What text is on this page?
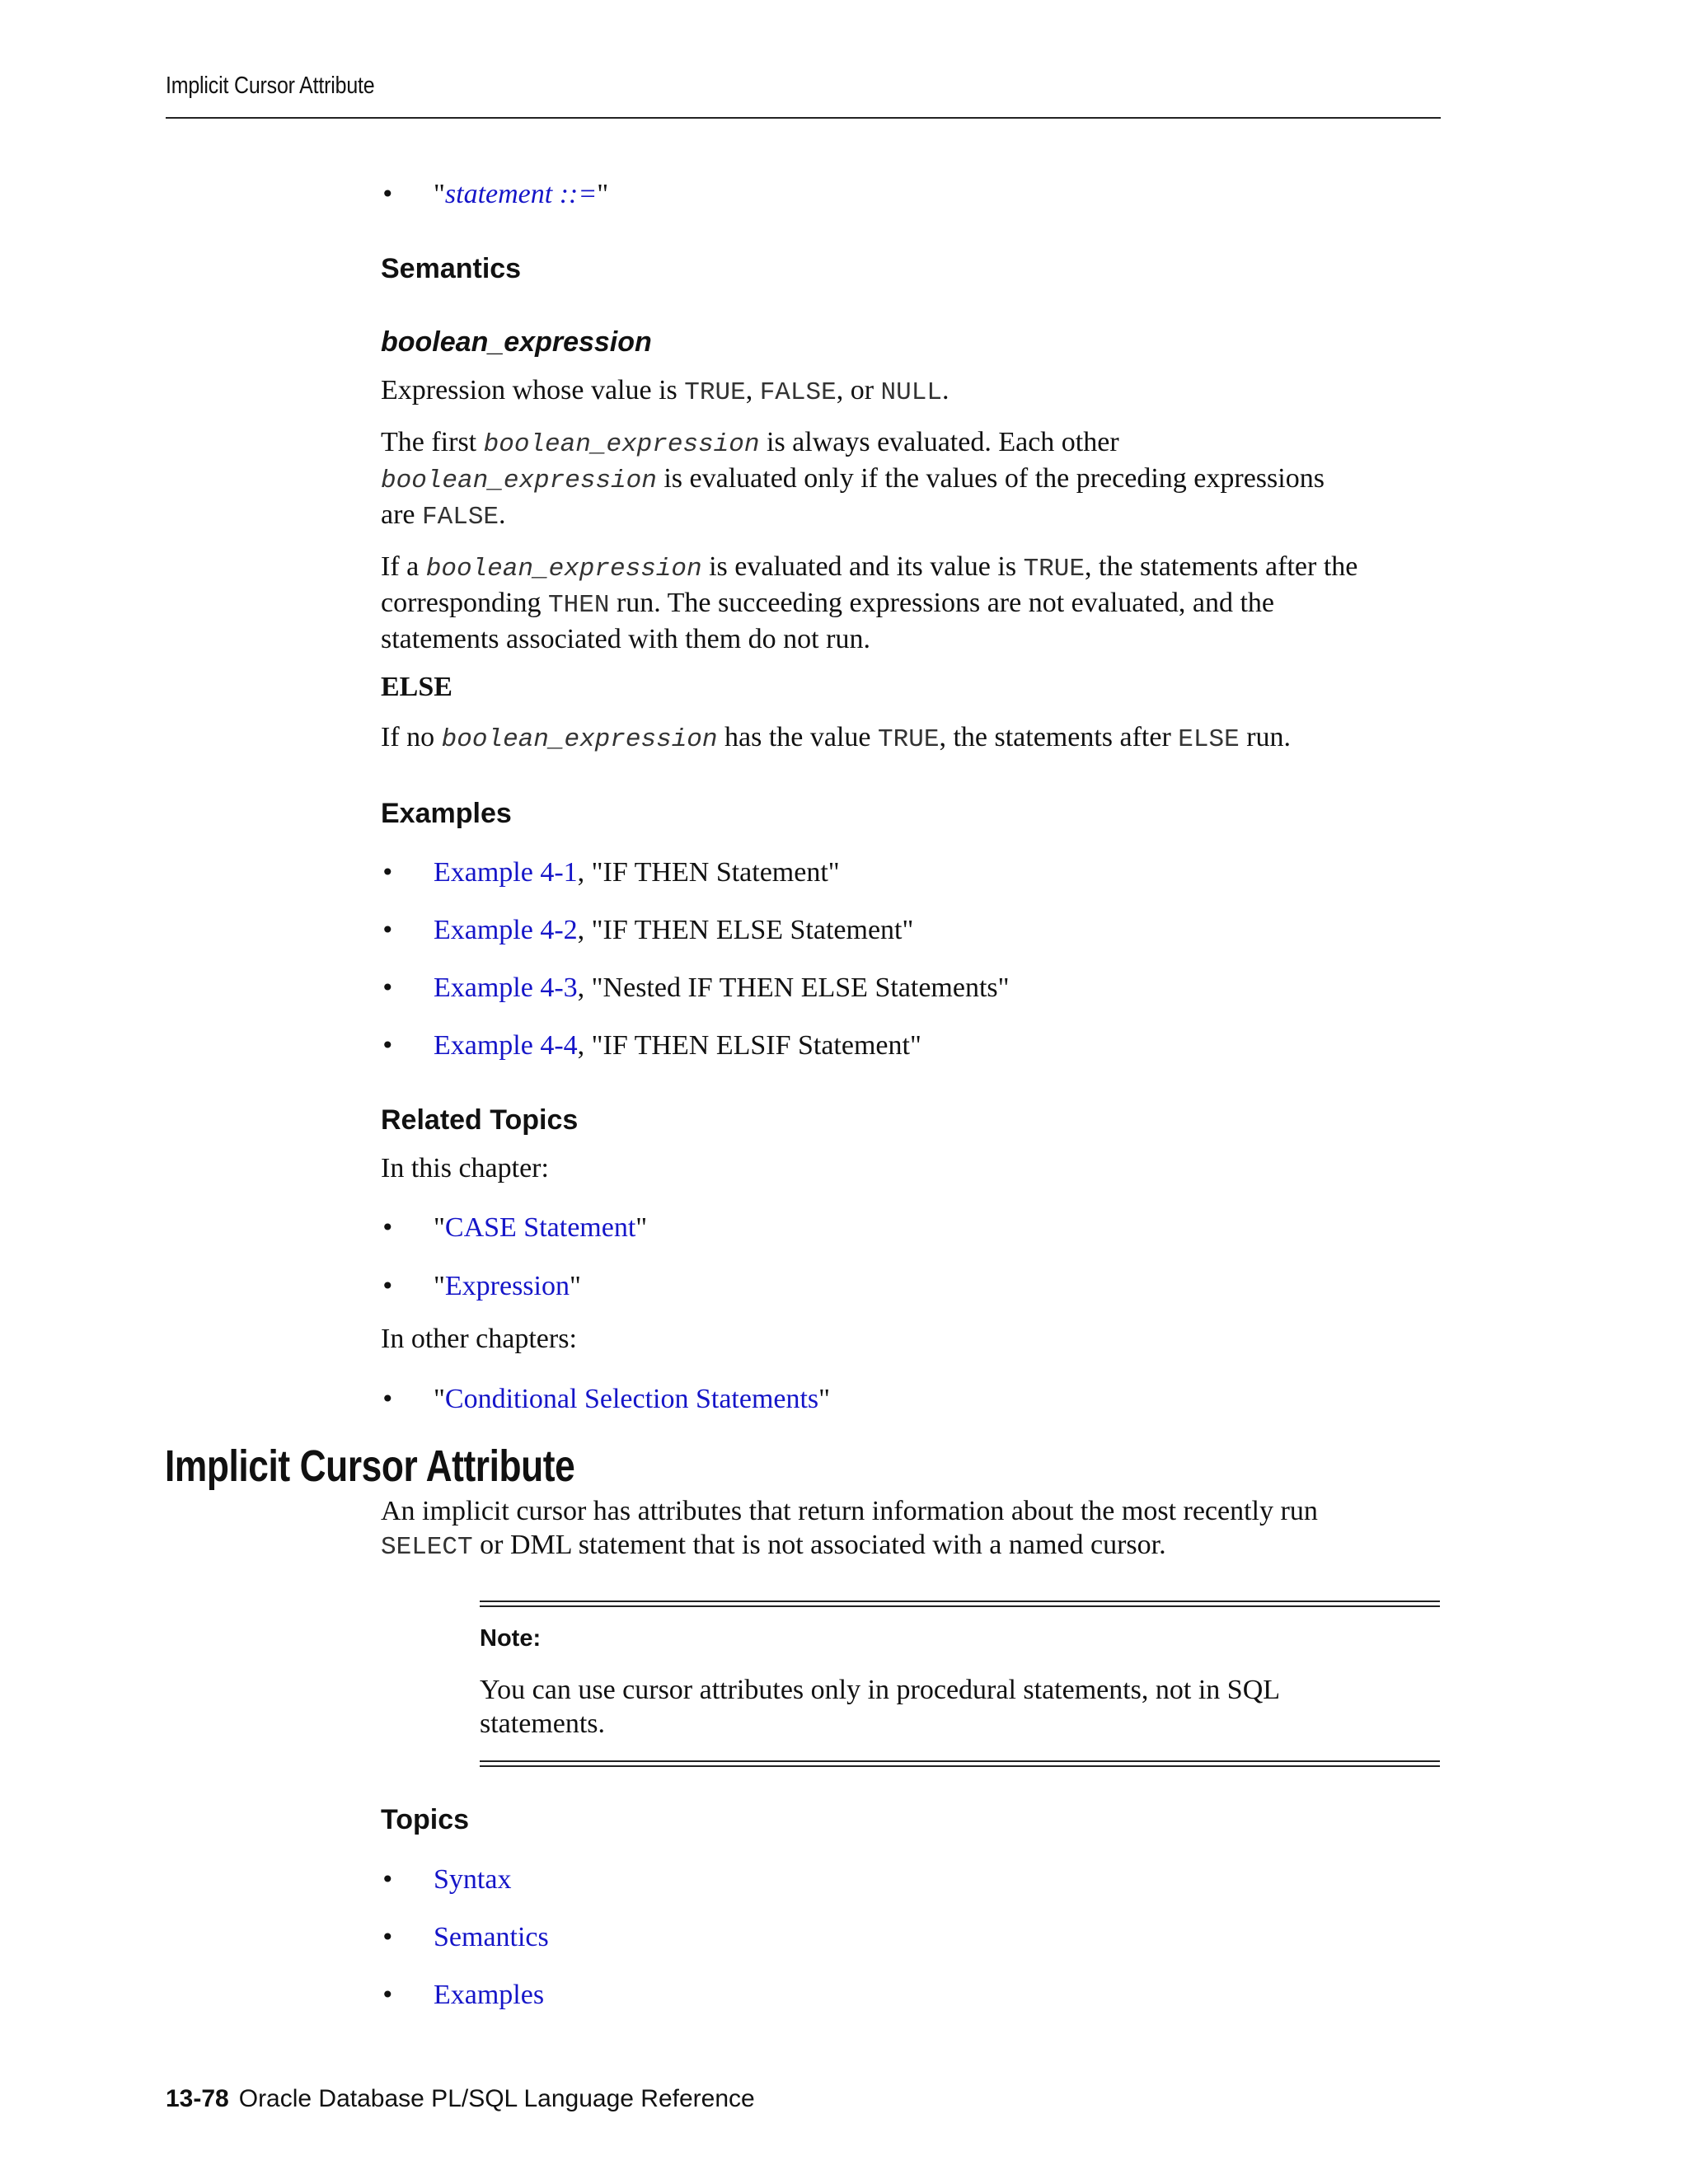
Implicit Cursor Attribute
• "statement ::="
Semantics
boolean_expression

Expression whose value is TRUE, FALSE, or NULL.

The first boolean_expression is always evaluated. Each other
boolean_expression is evaluated only if the values of the preceding expressions
are FALSE.

If a boolean_expression is evaluated and its value is TRUE, the statements after the
corresponding THEN run. The succeeding expressions are not evaluated, and the
statements associated with them do not run.

ELSE

If no boolean_expression has the value TRUE, the statements after ELSE run.

Examples
• Example 4-1, "IF THEN Statement"
• Example 4-2, "IF THEN ELSE Statement"
• Example 4-3, "Nested IF THEN ELSE Statements"
• Example 4-4, "IF THEN ELSIF Statement"
Related Topics

In this chapter:

• "CASE Statement"
• "Expression"

In other chapters:

• "Conditional Selection Statements"
Implicit Cursor Attribute

An implicit cursor has attributes that return information about the most recently run
SELECT or DML statement that is not associated with a named cursor.

Note:
You can use cursor attributes only in procedural statements, not in SQL
statements.
Topics
• Syntax
• Semantics
• Examples
13-78 Oracle Database PL/SQL Language Reference
